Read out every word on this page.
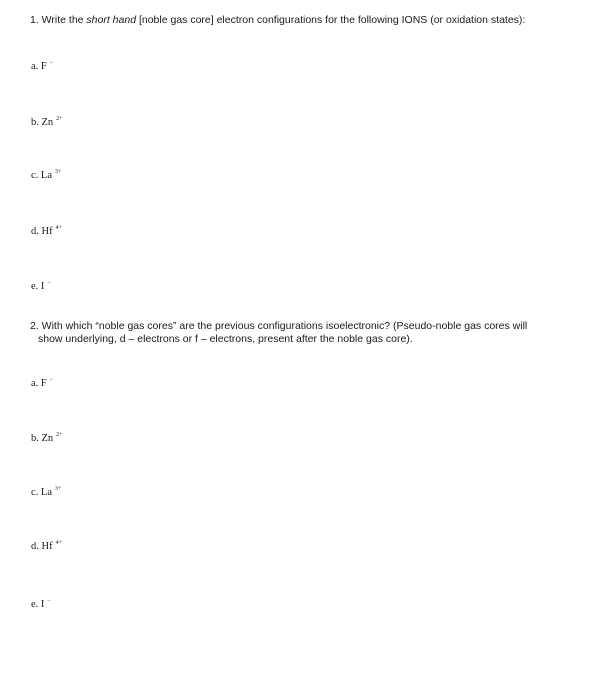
1. Write the short hand [noble gas core] electron configurations for the following IONS (or oxidation states):
a. F −
b. Zn $^{2+}$
c. La $^{3+}$
d. Hf $^{4+}$
e. I −
2. With which “noble gas cores” are the previous configurations isoelectronic? (Pseudo-noble gas cores will
show underlying, d – electrons or f – electrons, present after the noble gas core).
a. F −
b. Zn $^{2+}$
c. La $^{3+}$
d. Hf $^{4+}$
e. I −
